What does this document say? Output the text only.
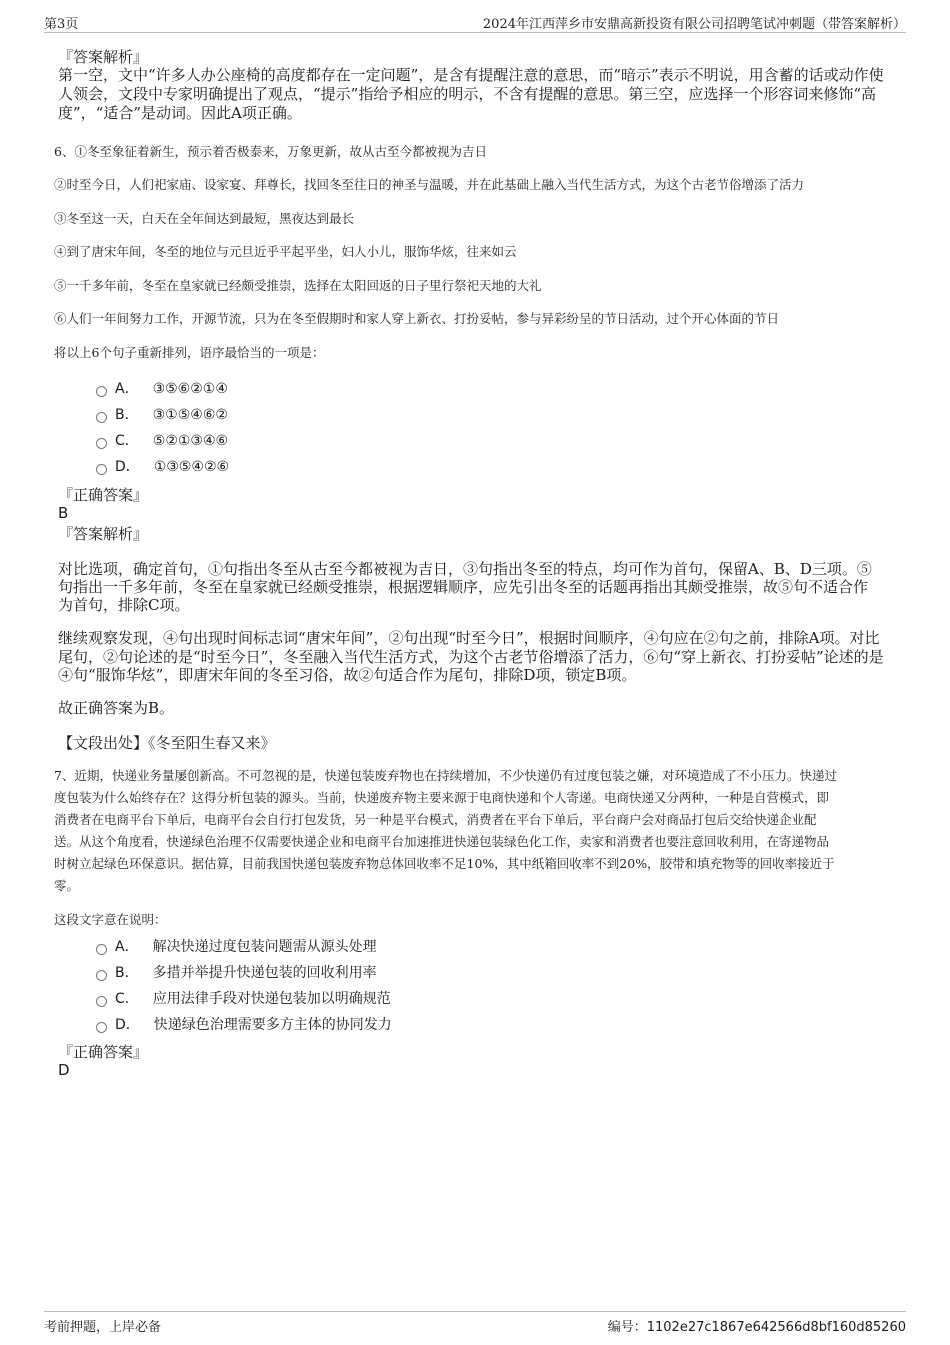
第3页	2024年江西萍乡市安鼎高新投资有限公司招聘笔试冲刺题（带答案解析）
『答案解析』
第一空，文中“许多人办公座椅的高度都存在一定问题”，是含有提醒注意的意思，而“暗示”表示不明说，用含蓄的话或动作使
人领会，文段中专家明确提出了观点，“提示”指给予相应的明示，不含有提醒的意思。第三空，应选择一个形容词来修饰“高
度”，“适合”是动词。因此A项正确。
6、①冬至象征着新生，预示着否极泰来，万象更新，故从古至今都被视为吉日
②时至今日，人们祀家庙、设家宴、拜尊长，找回冬至往日的神圣与温暖，并在此基础上融入当代生活方式，为这个古老节俗增添了活力
③冬至这一天，白天在全年间达到最短，黑夜达到最长
④到了唐宋年间，冬至的地位与元旦近乎平起平坐，妇人小儿，服饰华炫，往来如云
⑤一千多年前，冬至在皇家就已经颇受推崇，选择在太阳回返的日子里行祭祀天地的大礼
⑥人们一年间努力工作，开源节流，只为在冬至假期时和家人穿上新衣、打扮妥帖，参与异彩纷呈的节日活动，过个开心体面的节日
将以上6个句子重新排列，语序最恰当的一项是：
A． ③⑤⑥②①④
B． ③①⑤④⑥②
C． ⑤②①③④⑥
D． ①③⑤④②⑥
『正确答案』
B
『答案解析』
对比选项，确定首句，①句指出冬至从古至今都被视为吉日，③句指出冬至的特点，均可作为首句，保留A、B、D三项。⑤
句指出一千多年前，冬至在皇家就已经颇受推崇，根据逻辑顺序，应先引出冬至的话题再指出其颇受推崇，故⑤句不适合作
为首句，排除C项。
继续观察发现，④句出现时间标志词“唐宋年间”，②句出现“时至今日”，根据时间顺序，④句应在②句之前，排除A项。对比
尾句，②句论述的是“时至今日”，冬至融入当代生活方式，为这个古老节俗增添了活力，⑥句“穿上新衣、打扮妥帖”论述的是
④句“服饰华炫”，即唐宋年间的冬至习俗，故②句适合作为尾句，排除D项，锁定B项。
故正确答案为B。
【文段出处】《冬至阳生春又来》
7、近期，快递业务量屡创新高。不可忽视的是，快递包装废弃物也在持续增加，不少快递仍有过度包装之嫌，对环境造成了不小压力。快递过
度包装为什么始终存在？这得分析包装的源头。当前，快递废弃物主要来源于电商快递和个人寄递。电商快递又分两种，一种是自营模式，即
消费者在电商平台下单后，电商平台会自行打包发货，另一种是平台模式，消费者在平台下单后，平台商户会对商品打包后交给快递企业配
送。从这个角度看，快递绿色治理不仅需要快递企业和电商平台加速推进快递包装绿色化工作，卖家和消费者也要注意回收利用，在寄递物品
时树立起绿色环保意识。据估算，目前我国快递包装废弃物总体回收率不足10%，其中纸箱回收率不到20%，胶带和填充物等的回收率接近于
零。
这段文字意在说明：
A． 解决快递过度包装问题需从源头处理
B． 多措并举提升快递包装的回收利用率
C． 应用法律手段对快递包装加以明确规范
D． 快递绿色治理需要多方主体的协同发力
『正确答案』
D
考前押题，上岸必备	编号：1102e27c1867e642566d8bf160d85260
